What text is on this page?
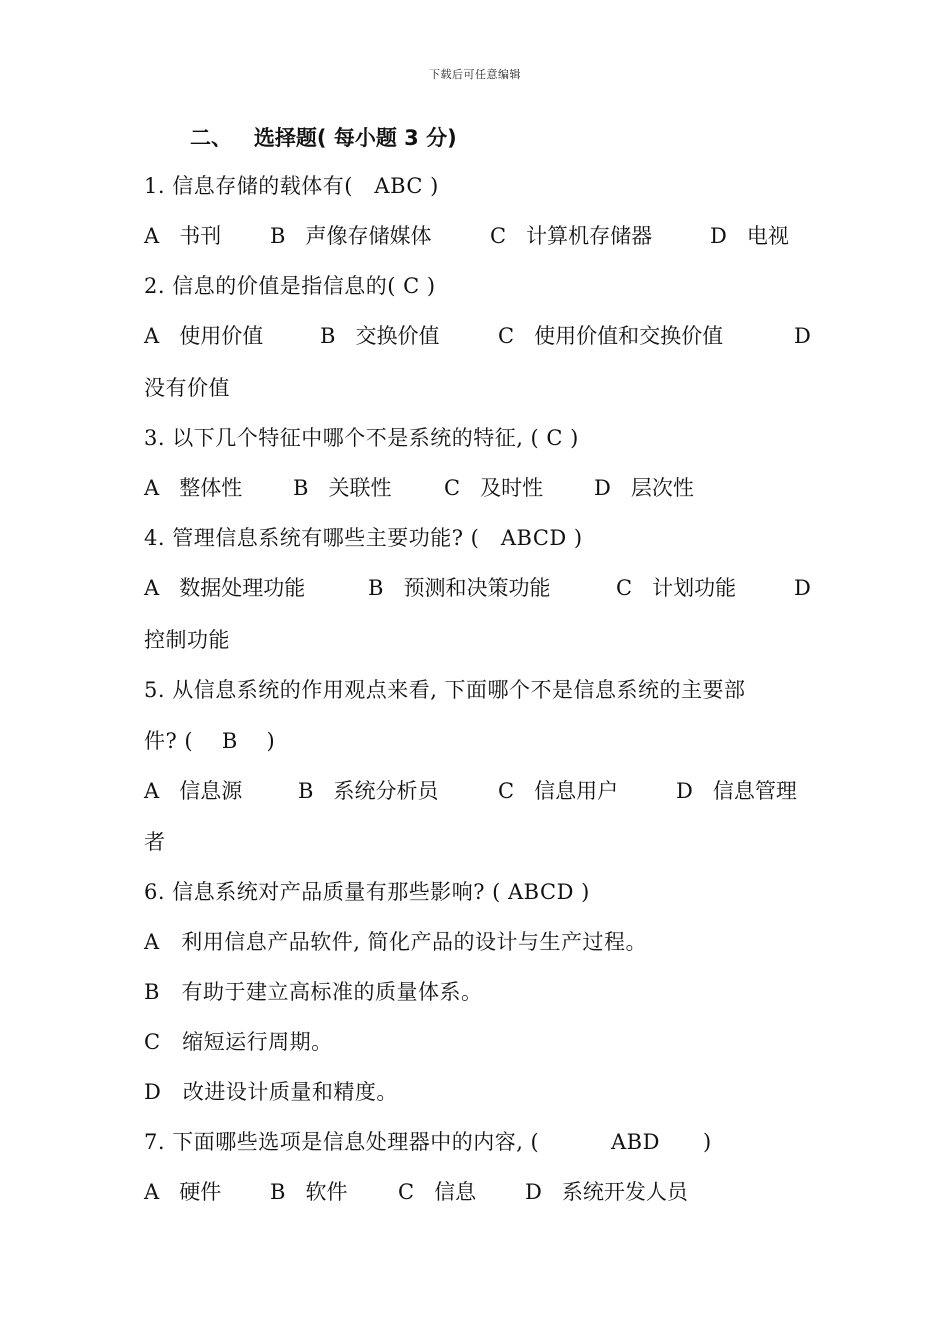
下载后可任意编辑
二、   选择题( 每小题 3 分)
1. 信息存储的载体有(   ABC )
A   书刊 B   声像存储媒体	C   计算机存储器	D   电视
2. 信息的价值是指信息的( C )
A   使用价值	B   交换价值	C   使用价值和交换价值	D
没有价值
3. 以下几个特征中哪个不是系统的特征, ( C )
A   整体性 B   关联性	C   及时性 D   层次性
4. 管理信息系统有哪些主要功能? (   ABCD )
A   数据处理功能	B   预测和决策功能	C   计划功能	D
控制功能
5. 从信息系统的作用观点来看, 下面哪个不是信息系统的主要部
件? (    B    )
A   信息源	B   系统分析员	C   信息用户	D   信息管理
者
6. 信息系统对产品质量有那些影响? ( ABCD )
A   利用信息产品软件, 简化产品的设计与生产过程。
B   有助于建立高标准的质量体系。
C   缩短运行周期。
D   改进设计质量和精度。
7. 下面哪些选项是信息处理器中的内容, (          ABD      )
A   硬件 B   软件 C   信息 D   系统开发人员
